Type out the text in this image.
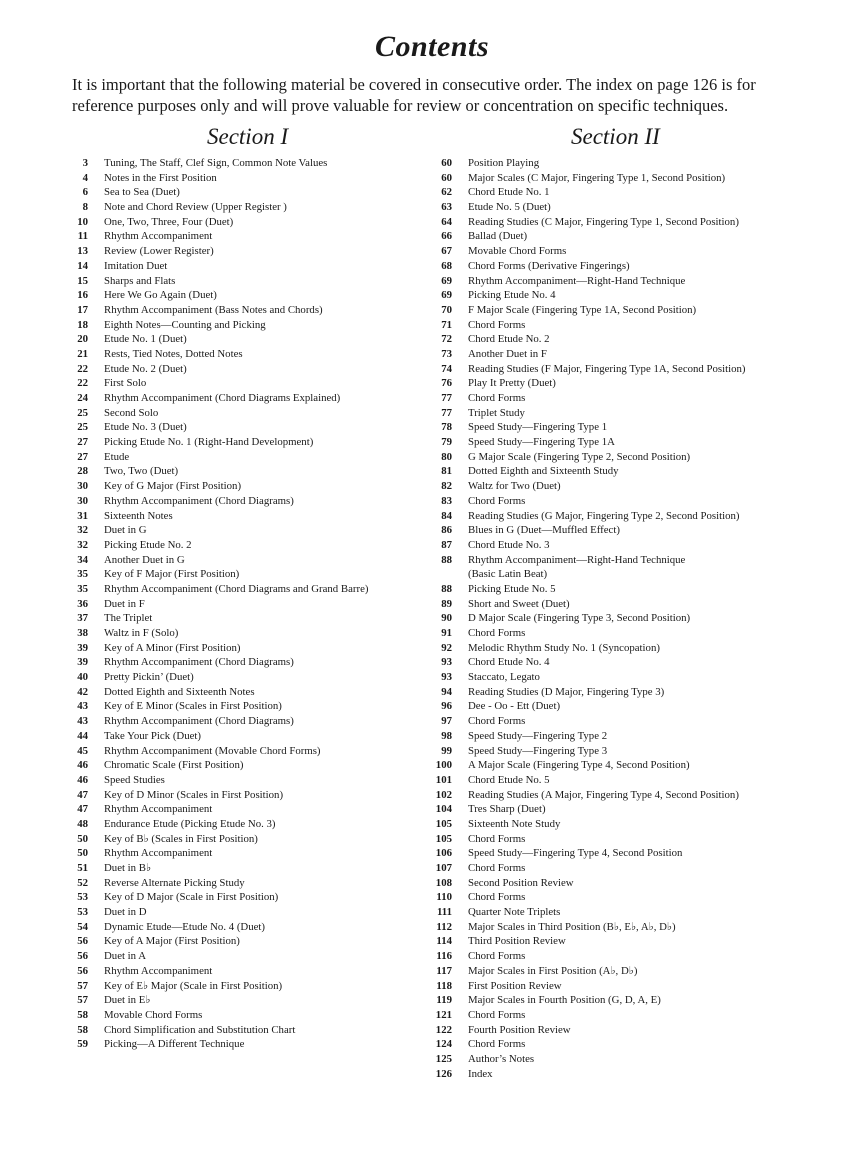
Contents

It is important that the following material be covered in consecutive order. The index on page 126 is for reference purposes only and will prove valuable for review or concentration on specific techniques.

Section I	Section II
3	Tuning, The Staff, Clef Sign, Common Note Values
4	Notes in the First Position
6	Sea to Sea (Duet)
8	Note and Chord Review (Upper Register )
10	One, Two, Three, Four (Duet)
11	Rhythm Accompaniment
13	Review (Lower Register)
14	Imitation Duet
15	Sharps and Flats
16	Here We Go Again (Duet)
17	Rhythm Accompaniment (Bass Notes and Chords)
18	Eighth Notes—Counting and Picking
20	Etude No. 1 (Duet)
21	Rests, Tied Notes, Dotted Notes
22	Etude No. 2 (Duet)
22	First Solo
24	Rhythm Accompaniment (Chord Diagrams Explained)
25	Second Solo
25	Etude No. 3 (Duet)
27	Picking Etude No. 1 (Right-Hand Development)
27	Etude
28	Two, Two (Duet)
30	Key of G Major (First Position)
30	Rhythm Accompaniment (Chord Diagrams)
31	Sixteenth Notes
32	Duet in G
32	Picking Etude No. 2
34	Another Duet in G
35	Key of F Major (First Position)
35	Rhythm Accompaniment (Chord Diagrams and Grand Barre)
36	Duet in F
37	The Triplet
38	Waltz in F (Solo)
39	Key of A Minor (First Position)
39	Rhythm Accompaniment (Chord Diagrams)
40	Pretty Pickin’ (Duet)
42	Dotted Eighth and Sixteenth Notes
43	Key of E Minor (Scales in First Position)
43	Rhythm Accompaniment (Chord Diagrams)
44	Take Your Pick (Duet)
45	Rhythm Accompaniment (Movable Chord Forms)
46	Chromatic Scale (First Position)
46	Speed Studies
47	Key of D Minor (Scales in First Position)
47	Rhythm Accompaniment
48	Endurance Etude (Picking Etude No. 3)
50	Key of B♭ (Scales in First Position)
50	Rhythm Accompaniment
51	Duet in B♭
52	Reverse Alternate Picking Study
53	Key of D Major (Scale in First Position)
53	Duet in D
54	Dynamic Etude—Etude No. 4 (Duet)
56	Key of A Major (First Position)
56	Duet in A
56	Rhythm Accompaniment
57	Key of E♭ Major (Scale in First Position)
57	Duet in E♭
58	Movable Chord Forms
58	Chord Simplification and Substitution Chart
59	Picking—A Different Technique
60	Position Playing
60	Major Scales (C Major, Fingering Type 1, Second Position)
62	Chord Etude No. 1
63	Etude No. 5 (Duet)
64	Reading Studies (C Major, Fingering Type 1, Second Position)
66	Ballad (Duet)
67	Movable Chord Forms
68	Chord Forms (Derivative Fingerings)
69	Rhythm Accompaniment—Right-Hand Technique
69	Picking Etude No. 4
70	F Major Scale (Fingering Type 1A, Second Position)
71	Chord Forms
72	Chord Etude No. 2
73	Another Duet in F
74	Reading Studies (F Major, Fingering Type 1A, Second Position)
76	Play It Pretty (Duet)
77	Chord Forms
77	Triplet Study
78	Speed Study—Fingering Type 1
79	Speed Study—Fingering Type 1A
80	G Major Scale (Fingering Type 2, Second Position)
81	Dotted Eighth and Sixteenth Study
82	Waltz for Two (Duet)
83	Chord Forms
84	Reading Studies (G Major, Fingering Type 2, Second Position)
86	Blues in G (Duet—Muffled Effect)
87	Chord Etude No. 3
88	Rhythm Accompaniment—Right-Hand Technique
(Basic Latin Beat)
88	Picking Etude No. 5
89	Short and Sweet (Duet)
90	D Major Scale (Fingering Type 3, Second Position)
91	Chord Forms
92	Melodic Rhythm Study No. 1 (Syncopation)
93	Chord Etude No. 4
93	Staccato, Legato
94	Reading Studies (D Major, Fingering Type 3)
96	Dee - Oo - Ett (Duet)
97	Chord Forms
98	Speed Study—Fingering Type 2
99	Speed Study—Fingering Type 3
100	A Major Scale (Fingering Type 4, Second Position)
101	Chord Etude No. 5
102	Reading Studies (A Major, Fingering Type 4, Second Position)
104	Tres Sharp (Duet)
105	Sixteenth Note Study
105	Chord Forms
106	Speed Study—Fingering Type 4, Second Position
107	Chord Forms
108	Second Position Review
110	Chord Forms
111	Quarter Note Triplets
112	Major Scales in Third Position (B♭, E♭, A♭, D♭)
114	Third Position Review
116	Chord Forms
117	Major Scales in First Position (A♭, D♭)
118	First Position Review
119	Major Scales in Fourth Position (G, D, A, E)
121	Chord Forms
122	Fourth Position Review
124	Chord Forms
125	Author’s Notes
126	Index
